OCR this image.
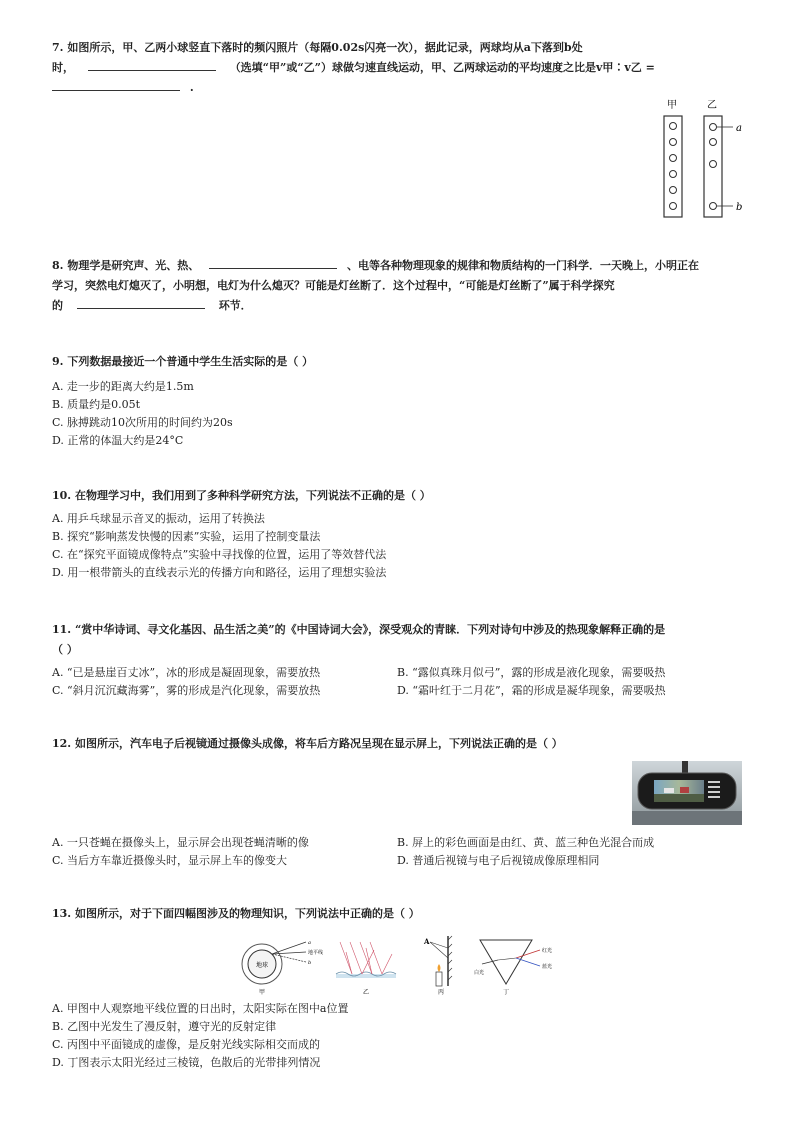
7. 如图所示，甲、乙两小球竖直下落时的频闪照片（每隔0.02s闪亮一次），据此记录，两球均从a下落到b处
时，	（选填“甲”或“乙”）球做匀速直线运动，甲、乙两球运动的平均速度之比是v甲∶v乙 =
.
甲	乙
a
b
8. 物理学是研究声、光、热、	、电等各种物理现象的规律和物质结构的一门科学．一天晚上，小明正在
学习，突然电灯熄灭了，小明想，电灯为什么熄灭？可能是灯丝断了．这个过程中，“可能是灯丝断了”属于科学探究
的	环节．
9. 下列数据最接近一个普通中学生生活实际的是（ ）
A. 走一步的距离大约是1.5m
B. 质量约是0.05t
C. 脉搏跳动10次所用的时间约为20s
D. 正常的体温大约是24°C
10. 在物理学习中，我们用到了多种科学研究方法，下列说法不正确的是（ ）
A. 用乒乓球显示音叉的振动，运用了转换法
B. 探究“影响蒸发快慢的因素”实验，运用了控制变量法
C. 在“探究平面镜成像特点”实验中寻找像的位置，运用了等效替代法
D. 用一根带箭头的直线表示光的传播方向和路径，运用了理想实验法
11. “赏中华诗词、寻文化基因、品生活之美”的《中国诗词大会》，深受观众的青睐．下列对诗句中涉及的热现象解释正确的是
（ ）
A. “已是悬崖百丈冰”，冰的形成是凝固现象，需要放热	B. “露似真珠月似弓”，露的形成是液化现象，需要吸热
C. “斜月沉沉藏海雾”，雾的形成是汽化现象，需要放热	D. “霜叶红于二月花”，霜的形成是凝华现象，需要吸热
12. 如图所示，汽车电子后视镜通过摄像头成像，将车后方路况呈现在显示屏上，下列说法正确的是（ ）
A. 一只苍蝇在摄像头上，显示屏会出现苍蝇清晰的像	B. 屏上的彩色画面是由红、黄、蓝三种色光混合而成
C. 当后方车靠近摄像头时，显示屏上车的像变大	D. 普通后视镜与电子后视镜成像原理相同
13. 如图所示，对于下面四幅图涉及的物理知识，下列说法中正确的是（ ）
地球
a
地平线
b
甲	乙
A
丙
白光
红光
蓝光
丁
A. 甲图中人观察地平线位置的日出时，太阳实际在图中a位置
B. 乙图中光发生了漫反射，遵守光的反射定律
C. 丙图中平面镜成的虚像，是反射光线实际相交而成的
D. 丁图表示太阳光经过三棱镜，色散后的光带排列情况
